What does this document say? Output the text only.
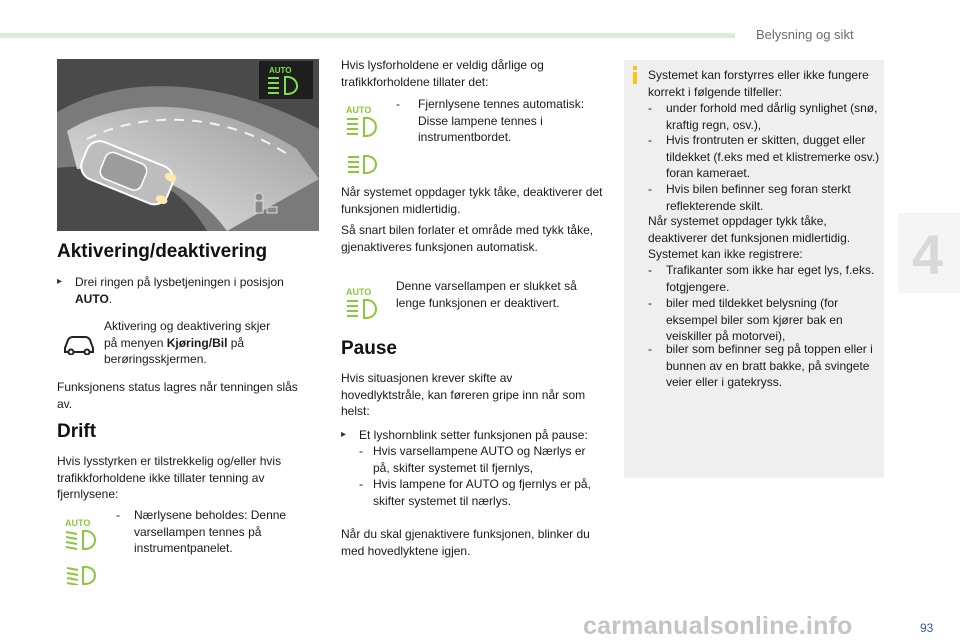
Belysning og sikt
4
AUTO
Aktivering/deaktivering
▸ Drei ringen på lysbetjeningen i posisjon
AUTO.

Aktivering og deaktivering skjer
på menyen Kjøring/Bil på
berøringsskjermen.

Funksjonens status lagres når tenningen slås av.

Drift

Hvis lysstyrken er tilstrekkelig og/eller hvis trafikkforholdene ikke tillater tenning av fjernlysene:

AUTO
- Nærlysene beholdes: Denne varsellampen tennes på instrumentpanelet.

Hvis lysforholdene er veldig dårlige og trafikkforholdene tillater det:

AUTO - Fjernlysene tennes automatisk: Disse lampene tennes i instrumentbordet.

Når systemet oppdager tykk tåke, deaktiverer det funksjonen midlertidig.

Så snart bilen forlater et område med tykk tåke, gjenaktiveres funksjonen automatisk.

AUTO Denne varsellampen er slukket så lenge funksjonen er deaktivert.

Pause

Hvis situasjonen krever skifte av hovedlyktstråle, kan føreren gripe inn når som helst:

▸ Et lyshornblink setter funksjonen på pause:
- Hvis varsellampene AUTO og Nærlys er på, skifter systemet til fjernlys,

- Hvis lampene for AUTO og fjernlys er på, skifter systemet til nærlys.

Når du skal gjenaktivere funksjonen, blinker du med hovedlyktene igjen.

Systemet kan forstyrres eller ikke fungere korrekt i følgende tilfeller:

- under forhold med dårlig synlighet (snø, kraftig regn, osv.),

- Hvis frontruten er skitten, dugget eller tildekket (f.eks med et klistremerke osv.) foran kameraet.

- Hvis bilen befinner seg foran sterkt reflekterende skilt.

Når systemet oppdager tykk tåke, deaktiverer det funksjonen midlertidig.

Systemet kan ikke registrere:

- Trafikanter som ikke har eget lys, f.eks. fotgjengere.

- biler med tildekket belysning (for eksempel biler som kjører bak en veiskiller på motorvei),

- biler som befinner seg på toppen eller i bunnen av en bratt bakke, på svingete veier eller i gatekryss.

93
carmanualsonline.info
